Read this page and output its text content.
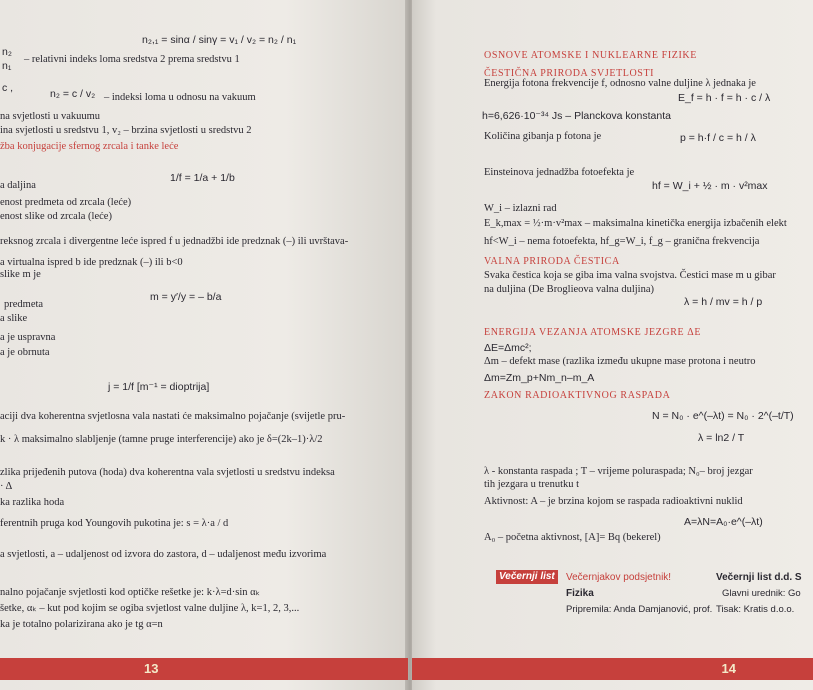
n₂,₁ = sinα / sinγ = v₁ / v₂ = n₂ / n₁
n₂
– relativni indeks loma sredstva 2 prema sredstvu 1
n₁
c ,	n₂ = c / v₂ – indeksi loma u odnosu na vakuum
na svjetlosti u vakuumu
ina svjetlosti u sredstvu 1, v₂ – brzina svjetlosti u sredstvu 2
žba konjugacije sfernog zrcala i tanke leće
1/f = 1/a + 1/b
a daljina
enost predmeta od zrcala (leće)
enost slike od zrcala (leće)
reksnog zrcala i divergentne leće ispred f u jednadžbi ide predznak (–) ili uvrštava-
a virtualna ispred b ide predznak (–) ili b<0
slike m je
m = y′/y = – b/a
predmeta
a slike
a je uspravna
a je obrnuta
j = 1/f [m⁻¹ = dioptrija]
aciji dva koherentna svjetlosna vala nastati će maksimalno pojačanje (svijetle pru-
k · λ maksimalno slabljenje (tamne pruge interferencije) ako je δ=(2k–1)·λ/2
zlika prijeđenih putova (hoda) dva koherentna vala svjetlosti u sredstvu indeksa
· Δ
ka razlika hoda
ferentnih pruga kod Youngovih pukotina je: s = λ·a / d
a svjetlosti, a – udaljenost od izvora do zastora, d – udaljenost među izvorima
nalno pojačanje svjetlosti kod optičke rešetke je: k·λ=d·sin αₖ
šetke, αₖ – kut pod kojim se ogiba svjetlost valne duljine λ, k=1, 2, 3,...
ka je totalno polarizirana ako je tg α=n
Večernji list	Večernjakov podsjetnik!
Fizika
Pripremila: Anda Damjanović, prof.
Večernji list d.d. S
Glavni urednik: Go
Tisak: Kratis d.o.o.
14
OSNOVE ATOMSKE I NUKLEARNE FIZIKE
ČESTIČNA PRIRODA SVJETLOSTI
Energija fotona frekvencije f, odnosno valne duljine λ jednaka je
E_f = h · f = h · c / λ
h=6,626·10⁻³⁴ Js – Planckova konstanta
Količina gibanja p fotona je	p = h·f / c = h / λ
Einsteinova jednadžba fotoefekta je
hf = W_i + ½ · m · v²max
W_i – izlazni rad
E_k,max = ½·m·v²max – maksimalna kinetička energija izbačenih elekt
hf<W_i – nema fotoefekta, hf_g=W_i, f_g – granična frekvencija
VALNA PRIRODA ČESTICA
Svaka čestica koja se giba ima valna svojstva. Čestici mase m u gibar
na duljina (De Broglieova valna duljina)
λ = h / mv = h / p
ENERGIJA VEZANJA ATOMSKE JEZGRE ΔE
ΔE=Δmc²;
Δm – defekt mase (razlika između ukupne mase protona i neutro
Δm=Zm_p+Nm_n–m_A
ZAKON RADIOAKTIVNOG RASPADA
N = N₀ · e^(–λt) = N₀ · 2^(–t/T)
λ = ln2 / T
λ - konstanta raspada ; T – vrijeme poluraspada; N₀– broj jezgar
tih jezgara u trenutku t
Aktivnost: A – je brzina kojom se raspada radioaktivni nuklid
A=λN=A₀·e^(–λt)
A₀ – početna aktivnost, [A]= Bq (bekerel)
13
